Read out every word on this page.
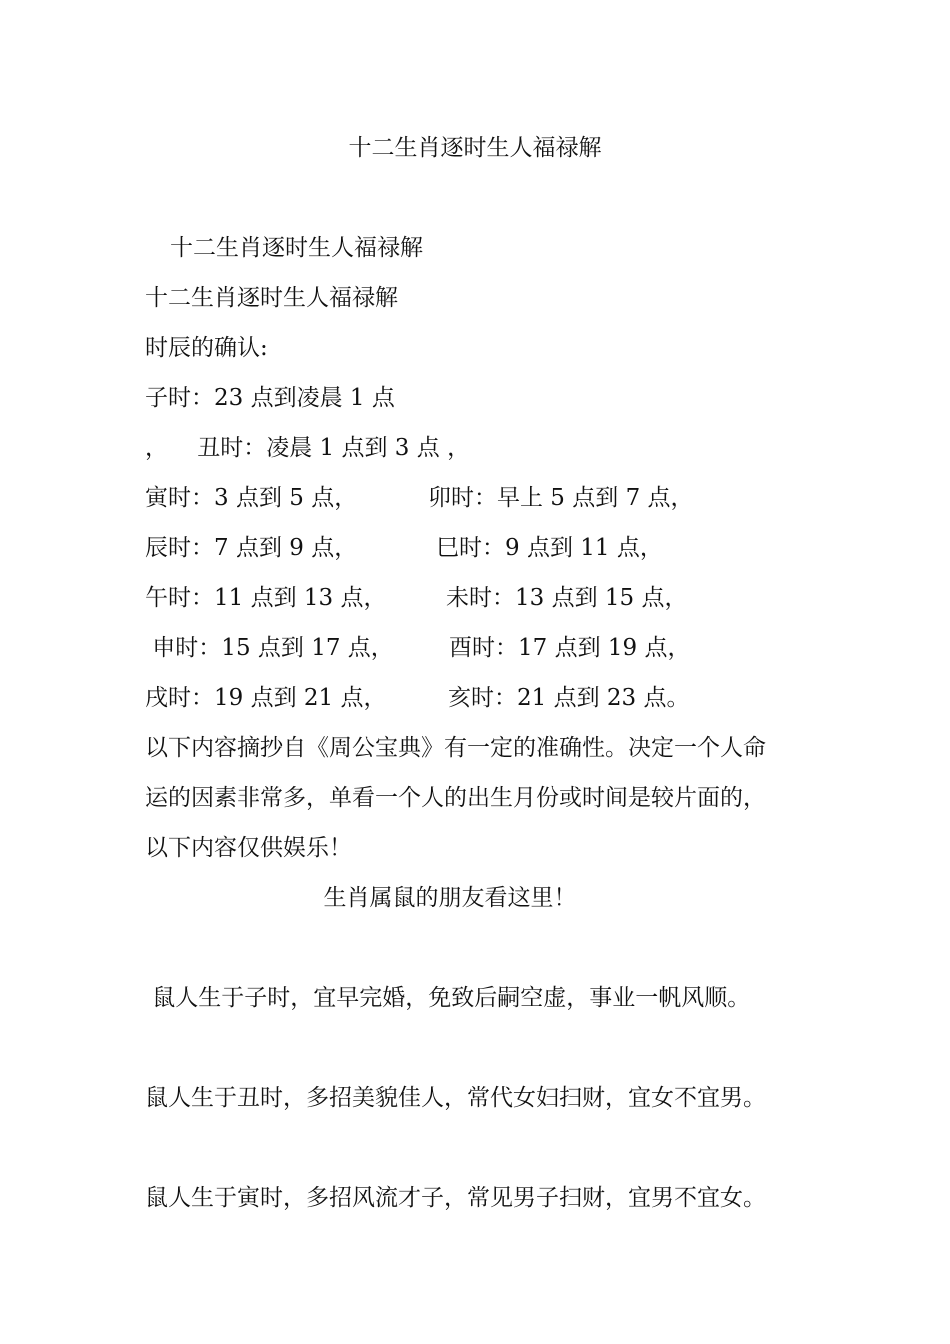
十二生肖逐时生人福禄解
十二生肖逐时生人福禄解
十二生肖逐时生人福禄解
时辰的确认:
子时：23 点到凌晨 1 点
，    丑时：凌晨 1 点到 3 点 ，
寅时：3 点到 5 点，	卯时：早上 5 点到 7 点，
辰时：7 点到 9 点，	巳时：9 点到 11 点，
午时：11 点到 13 点，	未时：13 点到 15 点，
申时：15 点到 17 点， 酉时：17 点到 19 点，
戌时：19 点到 21 点，	亥时：21 点到 23 点。
以下内容摘抄自《周公宝典》有一定的准确性。决定一个人命
运的因素非常多，单看一个人的出生月份或时间是较片面的，
以下内容仅供娱乐！
生肖属鼠的朋友看这里！
鼠人生于子时，宜早完婚，免致后嗣空虚，事业一帆风顺。
鼠人生于丑时，多招美貌佳人，常代女妇扫财，宜女不宜男。
鼠人生于寅时，多招风流才子，常见男子扫财，宜男不宜女。
